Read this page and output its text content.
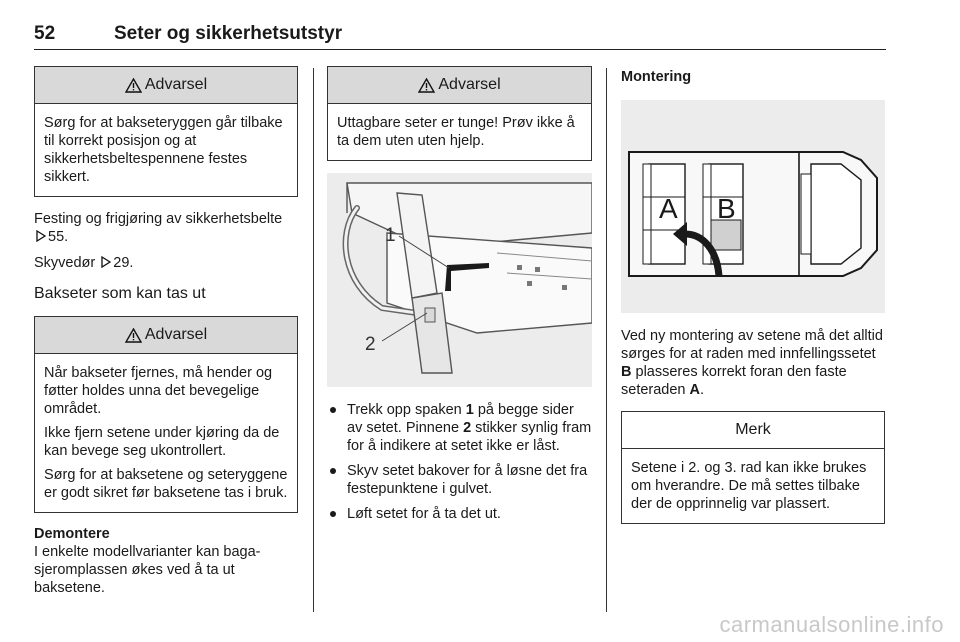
52	Seter og sikkerhetsutstyr
Advarsel

Sørg for at bakseteryggen går tilbake til korrekt posisjon og at sikkerhetsbeltespennene festes sikkert.

Festing og frigjøring av sikkerhetsbelte 55.

Skyvedør 29.

Bakseter som kan tas ut
Advarsel

Når bakseter fjernes, må hender og føtter holdes unna det bevegelige området.

Ikke fjern setene under kjøring da de kan bevege seg ukontrollert.

Sørg for at baksetene og seteryggene er godt sikret før baksetene tas i bruk.

Demontere

I enkelte modellvarianter kan bagasjeromplassen økes ved å ta ut baksetene.

Advarsel

Uttagbare seter er tunge! Prøv ikke å ta dem uten uten hjelp.

1
2
Trekk opp spaken 1 på begge sider av setet. Pinnene 2 stikker synlig fram for å indikere at setet ikke er låst.
Skyv setet bakover for å løsne det fra festepunktene i gulvet.
Løft setet for å ta det ut.

Montering

A B

Ved ny montering av setene må det alltid sørges for at raden med innfellingssetet B plasseres korrekt foran den faste seteraden A.

Merk

Setene i 2. og 3. rad kan ikke brukes om hverandre. De må settes tilbake der de opprinnelig var plassert.

carmanualsonline.info
